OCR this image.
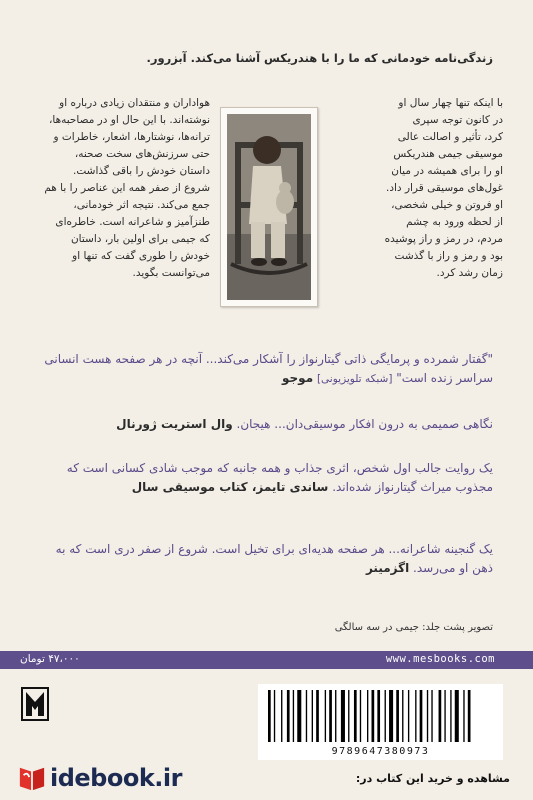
زندگی‌نامه خودمانی که ما را با هندریکس آشنا می‌کند. آبزرور.
با اینکه تنها چهار سال او
در کانون توجه سپری
کرد، تأثیر و اصالت عالی
موسیقی جیمی هندریکس
او را برای همیشه در میان
غول‌های موسیقی قرار داد.
او فروتن و خیلی شخصی،
از لحظه ورود به چشم
مردم، در رمز و راز پوشیده
بود و رمز و راز با گذشت
زمان رشد کرد.
هواداران و منتقدان زیادی درباره او
نوشته‌اند. با این حال او در مصاحبه‌ها،
ترانه‌ها، نوشتارها، اشعار، خاطرات و
حتی سرزنش‌های سخت صحنه،
داستان خودش را باقی گذاشت.
شروع از صفر همه این عناصر را با هم
جمع می‌کند. نتیجه اثر خودمانی،
طنزآمیز و شاعرانه است. خاطره‌ای
که جیمی برای اولین بار، داستان
خودش را طوری گفت که تنها او
می‌توانست بگوید.
"گفتار شمرده و پرمایگی ذاتی گیتارنواز را آشکار می‌کند... آنچه در هر صفحه هست انسانی سراسر زنده است" [شبکه تلویزیونی] موجو
نگاهی صمیمی به درون افکار موسیقی‌دان... هیجان. وال استریت ژورنال
یک روایت جالب اول شخص، اثری جذاب و همه جانبه که موجب شادی کسانی است که مجذوب میراث گیتارنواز شده‌اند. ساندی تایمز، کتاب موسیقی سال
یک گنجینه شاعرانه... هر صفحه هدیه‌ای برای تخیل است. شروع از صفر دری است که به ذهن او می‌رسد. اگزمینر
تصویر پشت جلد: جیمی در سه سالگی
۴۷،۰۰۰ تومان	www.mesbooks.com
9789647380973
idebook.ir	مشاهده و خرید این کتاب در:
